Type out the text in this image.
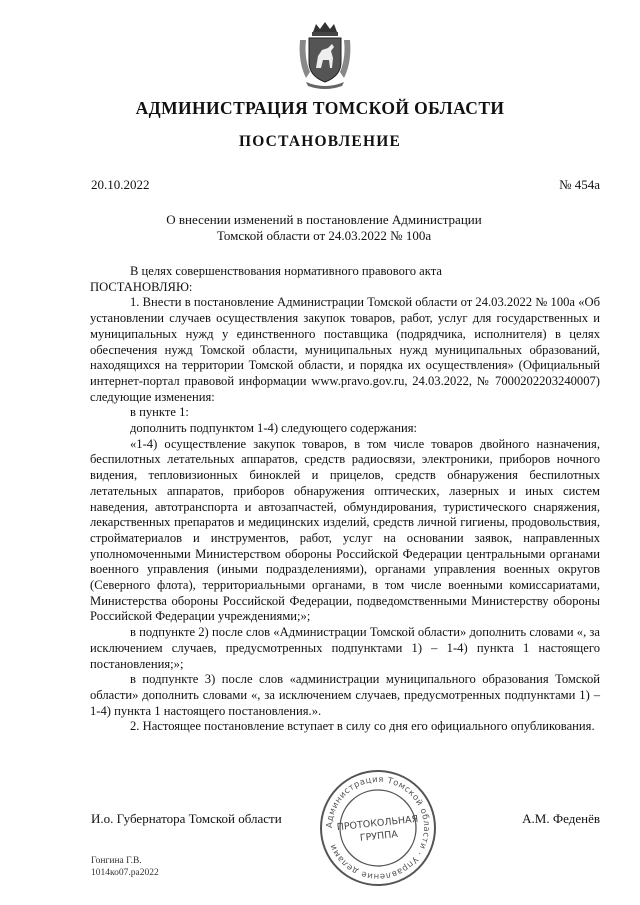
АДМИНИСТРАЦИЯ ТОМСКОЙ ОБЛАСТИ
ПОСТАНОВЛЕНИЕ
20.10.2022	№ 454а
О внесении изменений в постановление Администрации
Томской области от 24.03.2022 № 100а

В целях совершенствования нормативного правового акта

ПОСТАНОВЛЯЮ:

1. Внести в постановление Администрации Томской области от 24.03.2022 № 100а «Об установлении случаев осуществления закупок товаров, работ, услуг для государственных и муниципальных нужд у единственного поставщика (подрядчика, исполнителя) в целях обеспечения нужд Томской области, муниципальных нужд муниципальных образований, находящихся на территории Томской области, и порядка их осуществления» (Официальный интернет-портал правовой информации www.pravo.gov.ru, 24.03.2022, № 7000202203240007) следующие изменения:

в пункте 1:

дополнить подпунктом 1-4) следующего содержания:

«1-4) осуществление закупок товаров, в том числе товаров двойного назначения, беспилотных летательных аппаратов, средств радиосвязи, электроники, приборов ночного видения, тепловизионных биноклей и прицелов, средств обнаружения беспилотных летательных аппаратов, приборов обнаружения оптических, лазерных и иных систем наведения, автотранспорта и автозапчастей, обмундирования, туристического снаряжения, лекарственных препаратов и медицинских изделий, средств личной гигиены, продовольствия, стройматериалов и инструментов, работ, услуг на основании заявок, направленных уполномоченными Министерством обороны Российской Федерации центральными органами военного управления (иными подразделениями), органами управления военных округов (Северного флота), территориальными органами, в том числе военными комиссариатами, Министерства обороны Российской Федерации, подведомственными Министерству обороны Российской Федерации учреждениями;»;

в подпункте 2) после слов «Администрации Томской области» дополнить словами «, за исключением случаев, предусмотренных подпунктами 1) – 1-4) пункта 1 настоящего постановления;»;

в подпункте 3) после слов «администрации муниципального образования Томской области» дополнить словами «, за исключением случаев, предусмотренных подпунктами 1) – 1-4) пункта 1 настоящего постановления.».

2. Настоящее постановление вступает в силу со дня его официального опубликования.

И.о. Губернатора Томской области	А.М. Феденёв
Администрация Томской области · Управление делами
ПРОТОКОЛЬНАЯ
ГРУППА
Гонгина Г.В.
1014ко07.ра2022
